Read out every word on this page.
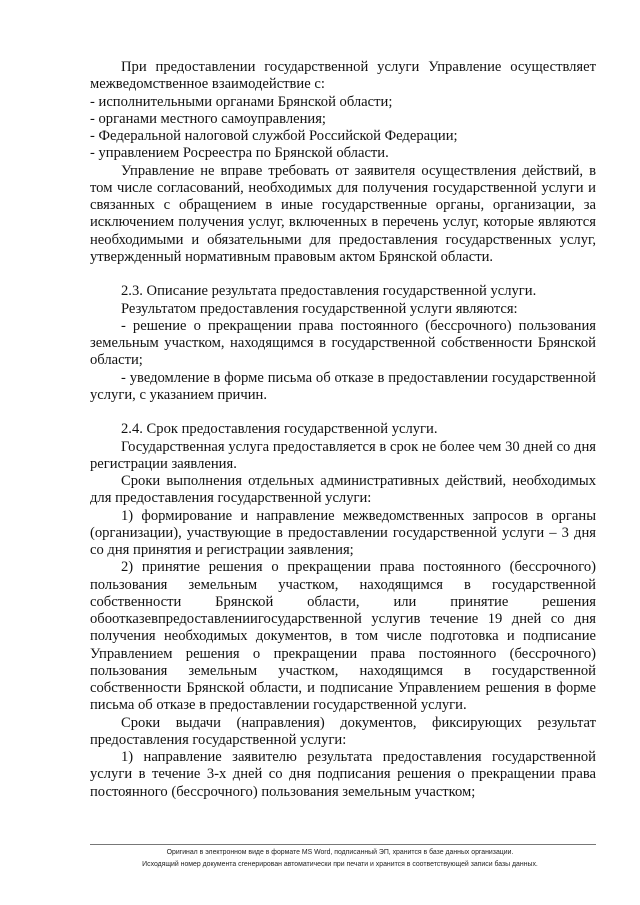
При предоставлении государственной услуги Управление осуществляет межведомственное взаимодействие с:

- исполнительными органами Брянской области;

- органами местного самоуправления;

- Федеральной налоговой службой Российской Федерации;

- управлением Росреестра по Брянской области.

Управление не вправе требовать от заявителя осуществления действий, в том числе согласований, необходимых для получения государственной услуги и связанных с обращением в иные государственные органы, организации, за исключением получения услуг, включенных в перечень услуг, которые являются необходимыми и обязательными для предоставления государственных услуг, утвержденный нормативным правовым актом Брянской области.

2.3. Описание результата предоставления государственной услуги.

Результатом предоставления государственной услуги являются:

- решение о прекращении права постоянного (бессрочного) пользования земельным участком, находящимся в государственной собственности Брянской области;

- уведомление в форме письма об отказе в предоставлении государственной услуги, с указанием причин.

2.4. Срок предоставления государственной услуги.

Государственная услуга предоставляется в срок не более чем 30 дней со дня регистрации заявления.

Сроки выполнения отдельных административных действий, необходимых для предоставления государственной услуги:

1) формирование и направление межведомственных запросов в органы (организации), участвующие в предоставлении государственной услуги – 3 дня со дня принятия и регистрации заявления;

2) принятие решения о прекращении права постоянного (бессрочного) пользования земельным участком, находящимся в государственной собственности Брянской области, или принятие решения обоотказевпредоставлениигосударственной услугив течение 19 дней со дня получения необходимых документов, в том числе подготовка и подписание Управлением решения о прекращении права постоянного (бессрочного) пользования земельным участком, находящимся в государственной собственности Брянской области, и подписание Управлением решения в форме письма об отказе в предоставлении государственной услуги.

Сроки выдачи (направления) документов, фиксирующих результат предоставления государственной услуги:

1) направление заявителю результата предоставления государственной услуги в течение 3-х дней со дня подписания решения о прекращении права постоянного (бессрочного) пользования земельным участком;

Оригинал в электронном виде в формате MS Word, подписанный ЭП, хранится в базе данных организации.
Исходящий номер документа сгенерирован автоматически при печати и хранится в соответствующей записи базы данных.
